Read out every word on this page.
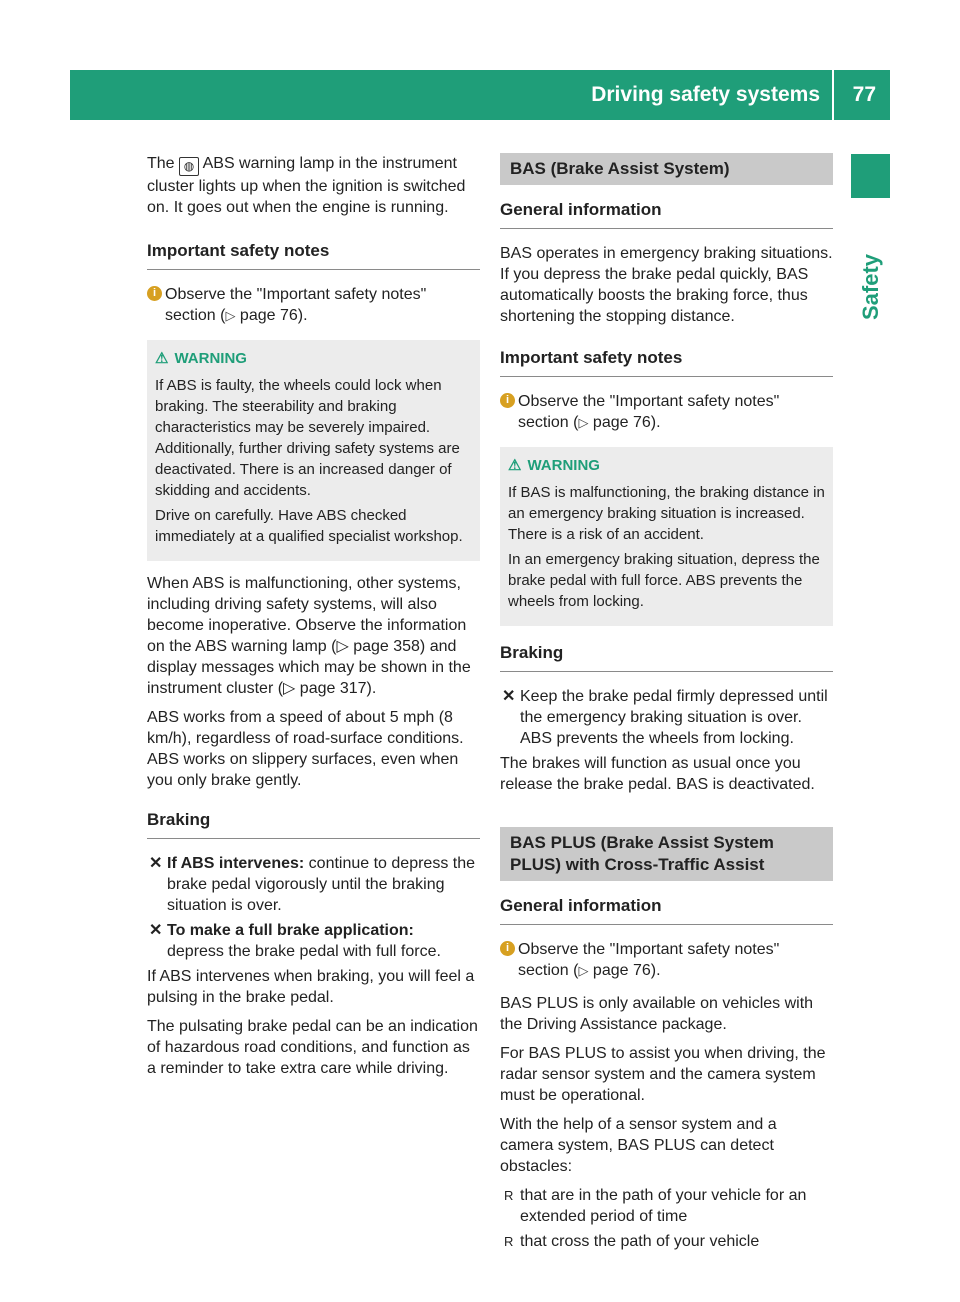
Driving safety systems 77
Safety

The ◍ ABS warning lamp in the instrument cluster lights up when the ignition is switched on. It goes out when the engine is running.

Important safety notes
i Observe the "Important safety notes" section (▷ page 76).
⚠ WARNING

If ABS is faulty, the wheels could lock when braking. The steerability and braking characteristics may be severely impaired. Additionally, further driving safety systems are deactivated. There is an increased danger of skidding and accidents.

Drive on carefully. Have ABS checked immediately at a qualified specialist workshop.

When ABS is malfunctioning, other systems, including driving safety systems, will also become inoperative. Observe the information on the ABS warning lamp (▷ page 358) and display messages which may be shown in the instrument cluster (▷ page 317).

ABS works from a speed of about 5 mph (8 km/h), regardless of road-surface conditions. ABS works on slippery surfaces, even when you only brake gently.

Braking
✕ If ABS intervenes: continue to depress the brake pedal vigorously until the braking situation is over.
✕ To make a full brake application:
depress the brake pedal with full force.

If ABS intervenes when braking, you will feel a pulsing in the brake pedal.

The pulsating brake pedal can be an indication of hazardous road conditions, and function as a reminder to take extra care while driving.

BAS (Brake Assist System)
General information

BAS operates in emergency braking situations. If you depress the brake pedal quickly, BAS automatically boosts the braking force, thus shortening the stopping distance.

Important safety notes
i Observe the "Important safety notes" section (▷ page 76).
⚠ WARNING

If BAS is malfunctioning, the braking distance in an emergency braking situation is increased. There is a risk of an accident.

In an emergency braking situation, depress the brake pedal with full force. ABS prevents the wheels from locking.

Braking
✕ Keep the brake pedal firmly depressed until the emergency braking situation is over.
ABS prevents the wheels from locking.

The brakes will function as usual once you release the brake pedal. BAS is deactivated.

BAS PLUS (Brake Assist System PLUS) with Cross-Traffic Assist
General information
i Observe the "Important safety notes" section (▷ page 76).

BAS PLUS is only available on vehicles with the Driving Assistance package.

For BAS PLUS to assist you when driving, the radar sensor system and the camera system must be operational.

With the help of a sensor system and a camera system, BAS PLUS can detect obstacles:

R that are in the path of your vehicle for an extended period of time
R that cross the path of your vehicle
